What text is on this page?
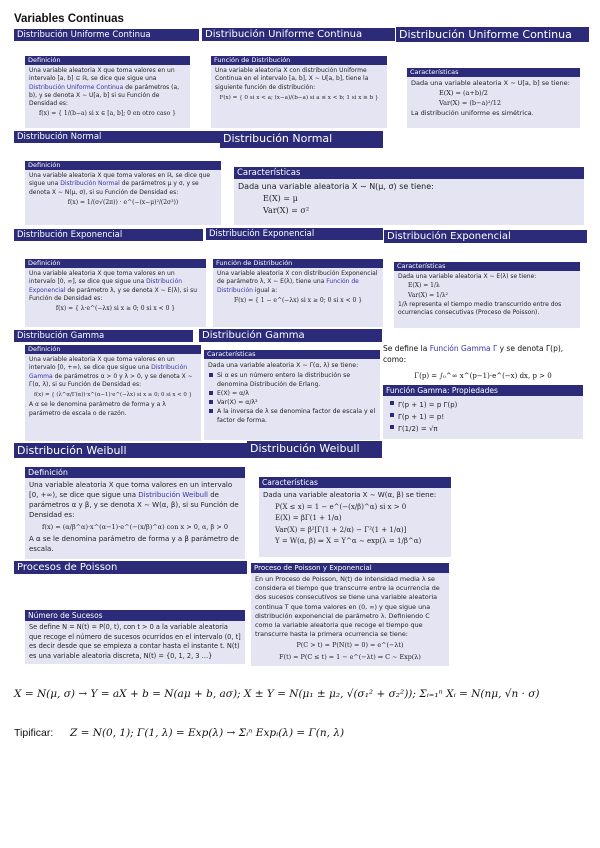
Variables Continuas
Distribución Uniforme Continua	Distribución Uniforme Continua	Distribución Uniforme Continua
Definición
Una variable aleatoria X que toma valores en un intervalo [a, b] ⊆ ℝ, se dice que sigue una Distribución Uniforme Continua de parámetros (a, b), y se denota X ∼ U[a, b] si su Función de Densidad es:
f(x) = { 1/(b−a) si x ∈ [a, b]; 0 en otro caso }
Función de Distribución
Una variable aleatoria X con distribución Uniforme Continua en el intervalo [a, b], X ∼ U[a, b], tiene la siguiente función de distribución:
F(x) = { 0 si x < a; (x−a)/(b−a) si a ≤ x < b; 1 si x ≥ b }
Características
Dada una variable aleatoria X ∼ U[a, b] se tiene:
E(X) = (a+b)/2
Var(X) = (b−a)²/12
La distribución uniforme es simétrica.
Distribución Normal	Distribución Normal
Definición
Una variable aleatoria X que toma valores en ℝ, se dice que sigue una Distribución Normal de parámetros μ y σ, y se denota X ∼ N(μ, σ), si su Función de Densidad es:
f(x) = 1/(σ√(2π)) · e^(−(x−μ)²/(2σ²))
Características
Dada una variable aleatoria X ∼ N(μ, σ) se tiene:
E(X) = μ
Var(X) = σ²
Distribución Exponencial	Distribución Exponencial	Distribución Exponencial
Definición
Una variable aleatoria X que toma valores en un intervalo [0, ∞], se dice que sigue una Distribución Exponencial de parámetro λ, y se denota X ∼ E(λ), si su Función de Densidad es:
f(x) = { λ·e^(−λx) si x ≥ 0; 0 si x < 0 }
Función de Distribución
Una variable aleatoria X con distribución Exponencial de parámetro λ, X ∼ E(λ), tiene una Función de Distribución igual a:
F(x) = { 1 − e^(−λx) si x ≥ 0; 0 si x < 0 }
Características
Dada una variable aleatoria X ∼ E(λ) se tiene:
E(X) = 1/λ
Var(X) = 1/λ²
1/λ representa el tiempo medio transcurrido entre dos ocurrencias consecutivas (Proceso de Poisson).
Distribución Gamma	Distribución Gamma
Definición
Una variable aleatoria X que toma valores en un intervalo [0, +∞), se dice que sigue una Distribución Gamma de parámetros α > 0 y λ > 0, y se denota X ∼ Γ(α, λ), si su Función de Densidad es:
f(x) = { (λ^α/Γ(α))·x^(α−1)·e^(−λx) si x ≥ 0; 0 si x < 0 }
A α se le denomina parámetro de forma y a λ parámetro de escala o de razón.
Características
Dada una variable aleatoria X ∼ Γ(α, λ) se tiene:
Si α es un número entero la distribución se denomina Distribución de Erlang.
E(X) = α/λ
Var(X) = α/λ²
A la inversa de λ se denomina factor de escala y el factor de forma.
Se define la Función Gamma Γ y se denota Γ(p), como:
Γ(p) = ∫₀^∞ x^(p−1)·e^(−x) dx, p > 0
Función Gamma: Propiedades
Γ(p + 1) = p Γ(p)
Γ(p + 1) = p!
Γ(1/2) = √π
Distribución Weibull	Distribución Weibull
Definición
Una variable aleatoria X que toma valores en un intervalo [0, +∞), se dice que sigue una Distribución Weibull de parámetros α y β, y se denota X ∼ W(α, β), si su Función de Densidad es:
f(x) = (α/β^α)·x^(α−1)·e^(−(x/β)^α) con x > 0, α, β > 0
A α se le denomina parámetro de forma y a β parámetro de escala.
Características
Dada una variable aleatoria X ∼ W(α, β) se tiene:
P(X ≤ x) = 1 − e^(−(x/β)^α) si x > 0
E(X) = βΓ(1 + 1/α)
Var(X) = β²[Γ(1 + 2/α) − Γ²(1 + 1/α)]
Y = W(α, β) ⇒ X = Y^α ∼ exp(λ = 1/β^α)
Procesos de Poisson
Número de Sucesos
Se define N = N(t) = P(0, t), con t > 0 a la variable aleatoria que recoge el número de sucesos ocurridos en el intervalo (0, t] es decir desde que se empieza a contar hasta el instante t. N(t) es una variable aleatoria discreta, N(t) = {0, 1, 2, 3 …}
Proceso de Poisson y Exponencial
En un Proceso de Poisson, N(t) de intensidad media λ se considera el tiempo que transcurre entre la ocurrencia de dos sucesos consecutivos se tiene una variable aleatoria continua T que toma valores en (0, ∞) y que sigue una distribución exponencial de parámetro λ. Definiendo C como la variable aleatoria que recoge el tiempo que transcurre hasta la primera ocurrencia se tiene:
P(C > t) = P(N(t) = 0) = e^(−λt)
F(t) = P(C ≤ t) = 1 − e^(−λt) ⇒ C ∼ Exp(λ)
X = N(μ, σ) → Y = aX + b = N(aμ + b, aσ); X ± Y = N(μ₁ ± μ₂, √(σ₁² + σ₂²)); Σᵢ₌₁ⁿ Xᵢ = N(nμ, √n · σ)
Tipificar: Z = N(0, 1); Γ(1, λ) = Exp(λ) → Σᵢⁿ Expᵢ(λ) = Γ(n, λ)
